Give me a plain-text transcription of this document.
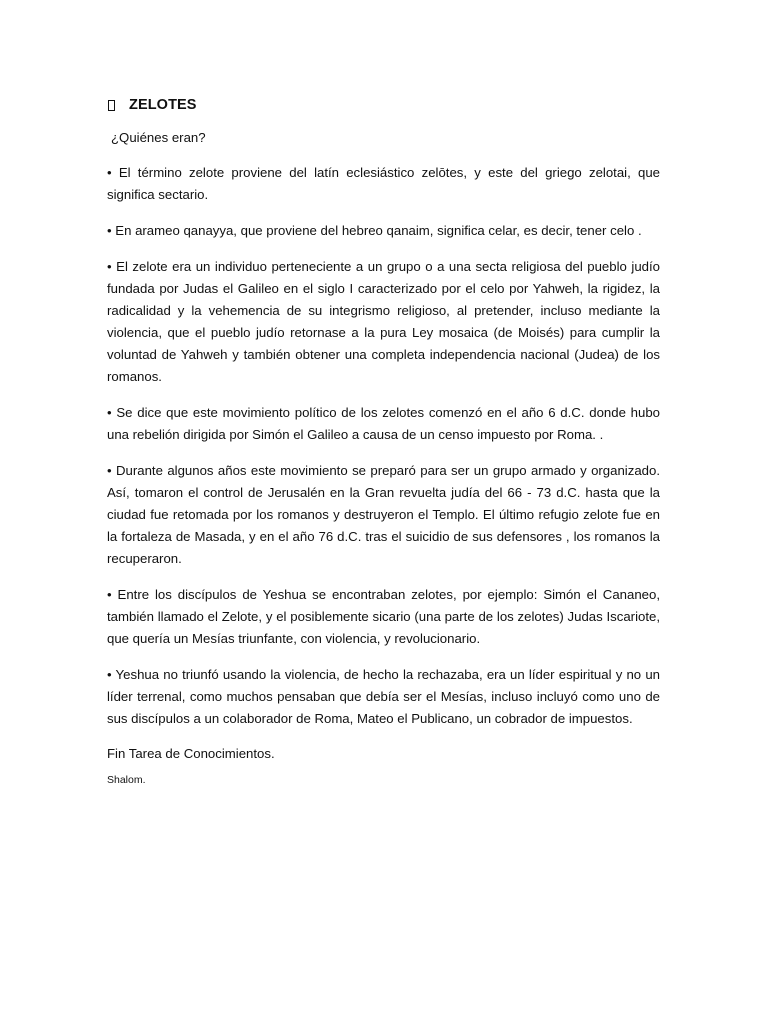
ZELOTES
¿Quiénes eran?

• El término zelote proviene del latín eclesiástico zelōtes, y este del griego zelotai, que significa sectario.

• En arameo qanayya, que proviene del hebreo qanaim, significa celar, es decir, tener celo .

• El zelote era un individuo perteneciente a un grupo o a una secta religiosa del pueblo judío fundada por Judas el Galileo en el siglo I caracterizado por el celo por Yahweh, la rigidez, la radicalidad y la vehemencia de su integrismo religioso, al pretender, incluso mediante la violencia, que el pueblo judío retornase a la pura Ley mosaica (de Moisés) para cumplir la voluntad de Yahweh y también obtener una completa independencia nacional (Judea) de los romanos.

• Se dice que este movimiento político de los zelotes comenzó en el año 6 d.C. donde hubo una rebelión dirigida por Simón el Galileo a causa de un censo impuesto por Roma. .

• Durante algunos años este movimiento se preparó para ser un grupo armado y organizado. Así, tomaron el control de Jerusalén en la Gran revuelta judía del 66 - 73 d.C. hasta que la ciudad fue retomada por los romanos y destruyeron el Templo. El último refugio zelote fue en la fortaleza de Masada, y en el año 76 d.C. tras el suicidio de sus defensores , los romanos la recuperaron.

• Entre los discípulos de Yeshua se encontraban zelotes, por ejemplo: Simón el Cananeo, también llamado el Zelote, y el posiblemente sicario (una parte de los zelotes) Judas Iscariote, que quería un Mesías triunfante, con violencia, y revolucionario.

• Yeshua no triunfó usando la violencia, de hecho la rechazaba, era un líder espiritual y no un líder terrenal, como muchos pensaban que debía ser el Mesías, incluso incluyó como uno de sus discípulos a un colaborador de Roma, Mateo el Publicano, un cobrador de impuestos.

Fin Tarea de Conocimientos.
Shalom.
